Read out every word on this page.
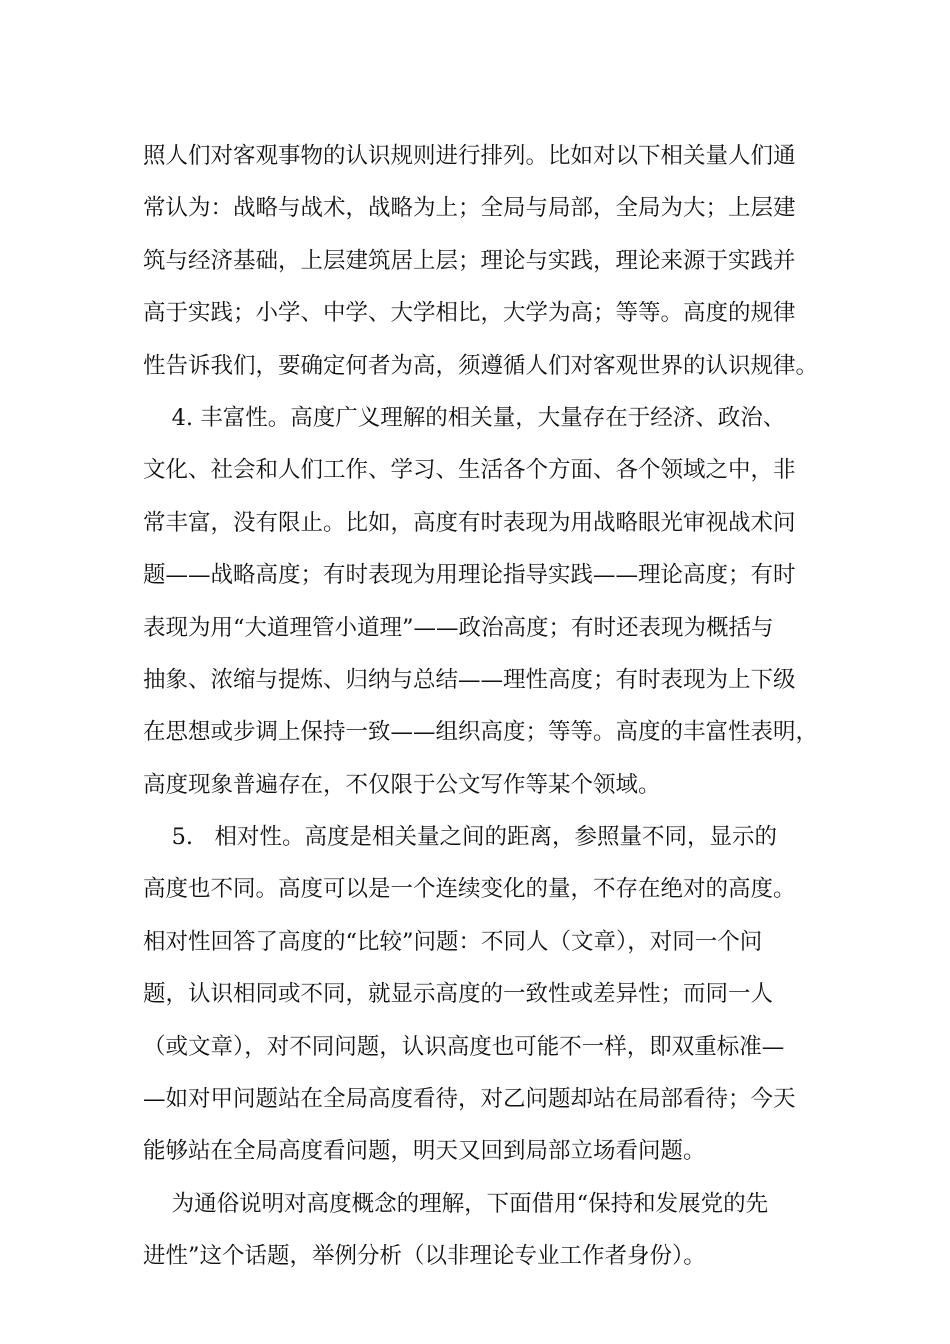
照人们对客观事物的认识规则进行排列。比如对以下相关量人们通
常认为：战略与战术，战略为上；全局与局部，全局为大；上层建
筑与经济基础，上层建筑居上层；理论与实践，理论来源于实践并
高于实践；小学、中学、大学相比，大学为高；等等。高度的规律
性告诉我们，要确定何者为高，须遵循人们对客观世界的认识规律。
4. 丰富性。高度广义理解的相关量，大量存在于经济、政治、
文化、社会和人们工作、学习、生活各个方面、各个领域之中，非
常丰富，没有限止。比如，高度有时表现为用战略眼光审视战术问
题——战略高度；有时表现为用理论指导实践——理论高度；有时
表现为用“大道理管小道理”——政治高度；有时还表现为概括与
抽象、浓缩与提炼、归纳与总结——理性高度；有时表现为上下级
在思想或步调上保持一致——组织高度；等等。高度的丰富性表明，
高度现象普遍存在，不仅限于公文写作等某个领域。
5.   相对性。高度是相关量之间的距离，参照量不同，显示的
高度也不同。高度可以是一个连续变化的量，不存在绝对的高度。
相对性回答了高度的“比较”问题：不同人（文章），对同一个问
题，认识相同或不同，就显示高度的一致性或差异性；而同一人
（或文章），对不同问题，认识高度也可能不一样，即双重标准—
—如对甲问题站在全局高度看待，对乙问题却站在局部看待；今天
能够站在全局高度看问题，明天又回到局部立场看问题。
为通俗说明对高度概念的理解，下面借用“保持和发展党的先
进性”这个话题，举例分析（以非理论专业工作者身份）。
